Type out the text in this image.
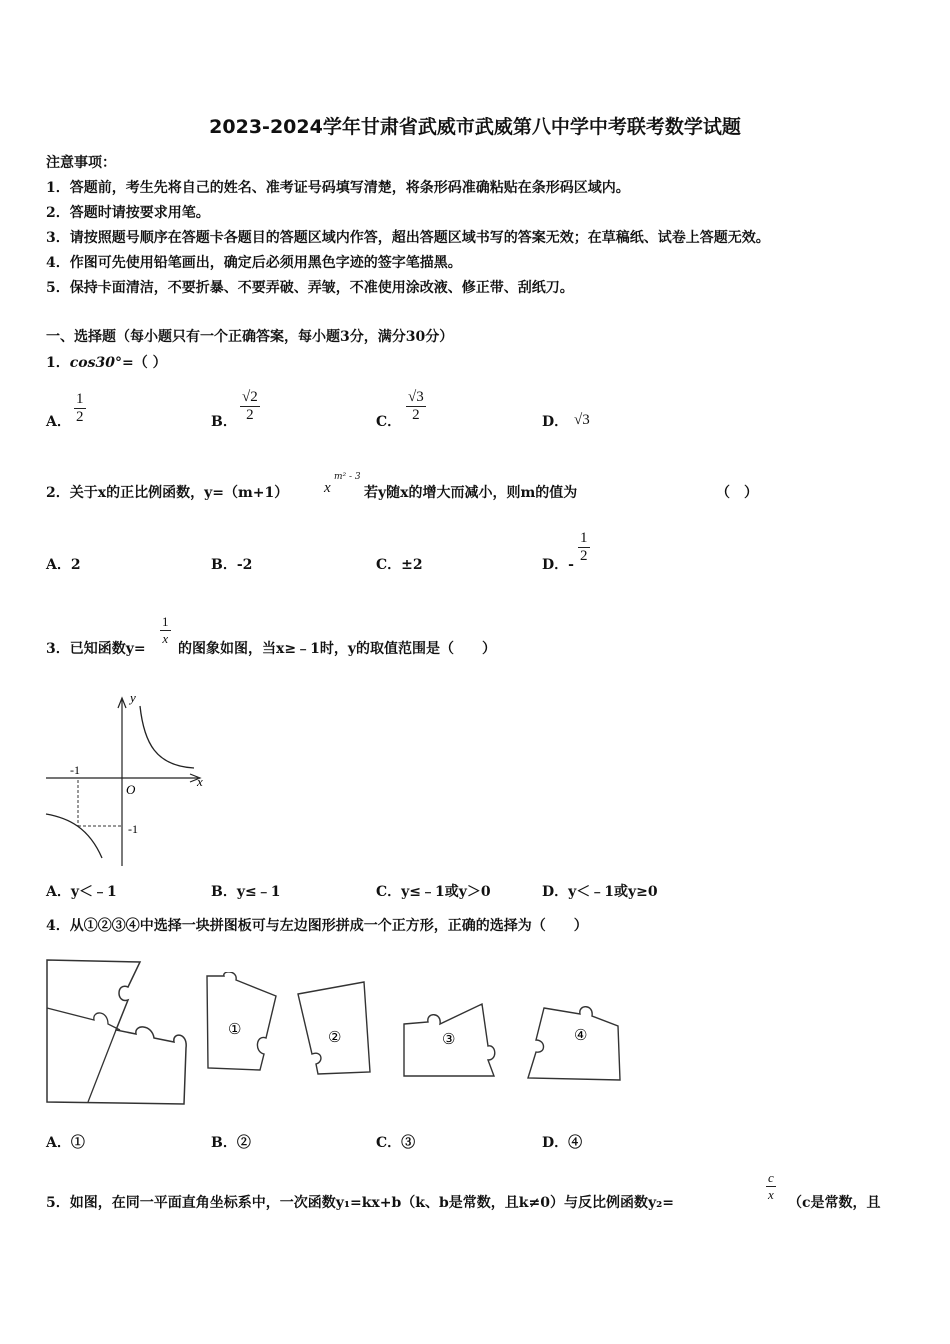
2023-2024学年甘肃省武威市武威第八中学中考联考数学试题
注意事项：
1．答题前，考生先将自己的姓名、准考证号码填写清楚，将条形码准确粘贴在条形码区域内。
2．答题时请按要求用笔。
3．请按照题号顺序在答题卡各题目的答题区域内作答，超出答题区域书写的答案无效；在草稿纸、试卷上答题无效。
4．作图可先使用铅笔画出，确定后必须用黑色字迹的签字笔描黑。
5．保持卡面清洁，不要折暴、不要弄破、弄皱，不准使用涂改液、修正带、刮纸刀。
一、选择题（每小题只有一个正确答案，每小题3分，满分30分）
1．cos30°=（ ）
A． $\frac{1}{2}$	B． $\frac{√2}{2}$	C． $\frac{√3}{2}$	D． √3
2．关于x的正比例函数，y=（m+1） x
m² - 3
若y随x的增大而减小，则m的值为	（　）
A．2	B．-2	C．±2	D．- $\frac{1}{2}$
3．已知函数y=
$\frac{1}{x}$
的图象如图，当x≥﹣1时，y的取值范围是（　　）
y
x
O
-1
-1
A．y＜﹣1	B．y≤﹣1	C．y≤﹣1或y＞0	D．y＜﹣1或y≥0
4．从①②③④中选择一块拼图板可与左边图形拼成一个正方形，正确的选择为（　　）
①	②	③	④
A．①	B．②	C．③	D．④
5．如图，在同一平面直角坐标系中，一次函数y₁=kx+b（k、b是常数，且k≠0）与反比例函数y₂=	$\frac{c}{x} (c$是常数，且
